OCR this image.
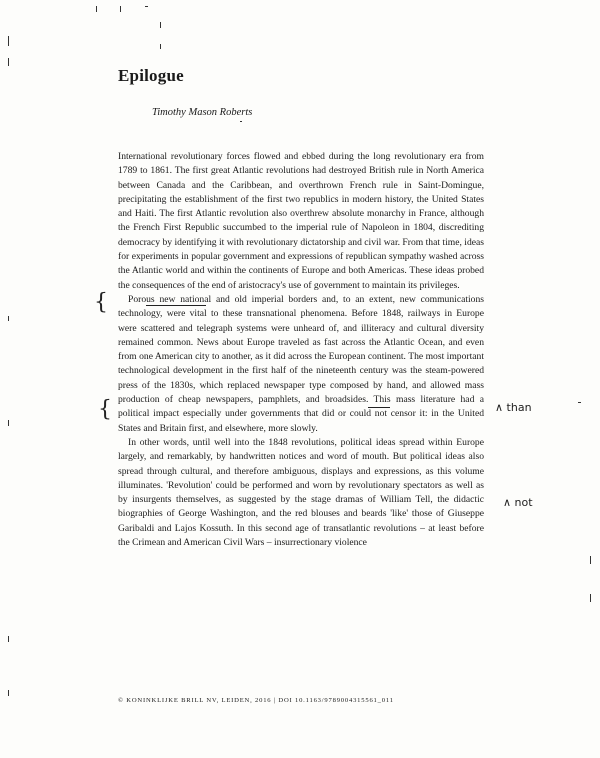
Epilogue
Timothy Mason Roberts

International revolutionary forces flowed and ebbed during the long revolutionary era from 1789 to 1861. The first great Atlantic revolutions had destroyed British rule in North America between Canada and the Caribbean, and overthrown French rule in Saint-Domingue, precipitating the establishment of the first two republics in modern history, the United States and Haiti. The first Atlantic revolution also overthrew absolute monarchy in France, although the French First Republic succumbed to the imperial rule of Napoleon in 1804, discrediting democracy by identifying it with revolutionary dictatorship and civil war. From that time, ideas for experiments in popular government and expressions of republican sympathy washed across the Atlantic world and within the continents of Europe and both Americas. These ideas probed the consequences of the end of aristocracy's use of government to maintain its privileges.

Porous new national and old imperial borders and, to an extent, new communications technology, were vital to these transnational phenomena. Before 1848, railways in Europe were scattered and telegraph systems were unheard of, and illiteracy and cultural diversity remained common. News about Europe traveled as fast across the Atlantic Ocean, and even from one American city to another, as it did across the European continent. The most important technological development in the first half of the nineteenth century was the steam-powered press of the 1830s, which replaced newspaper type composed by hand, and allowed mass production of cheap newspapers, pamphlets, and broadsides. This mass literature had a political impact especially under governments that did or could not censor it: in the United States and Britain first, and elsewhere, more slowly.

In other words, until well into the 1848 revolutions, political ideas spread within Europe largely, and remarkably, by handwritten notices and word of mouth. But political ideas also spread through cultural, and therefore ambiguous, displays and expressions, as this volume illuminates. 'Revolution' could be performed and worn by revolutionary spectators as well as by insurgents themselves, as suggested by the stage dramas of William Tell, the didactic biographies of George Washington, and the red blouses and beards 'like' those of Giuseppe Garibaldi and Lajos Kossuth. In this second age of transatlantic revolutions – at least before the Crimean and American Civil Wars – insurrectionary violence

{
{	∧ than
∧ not
© KONINKLIJKE BRILL NV, LEIDEN, 2016 | DOI 10.1163/9789004315561_011
